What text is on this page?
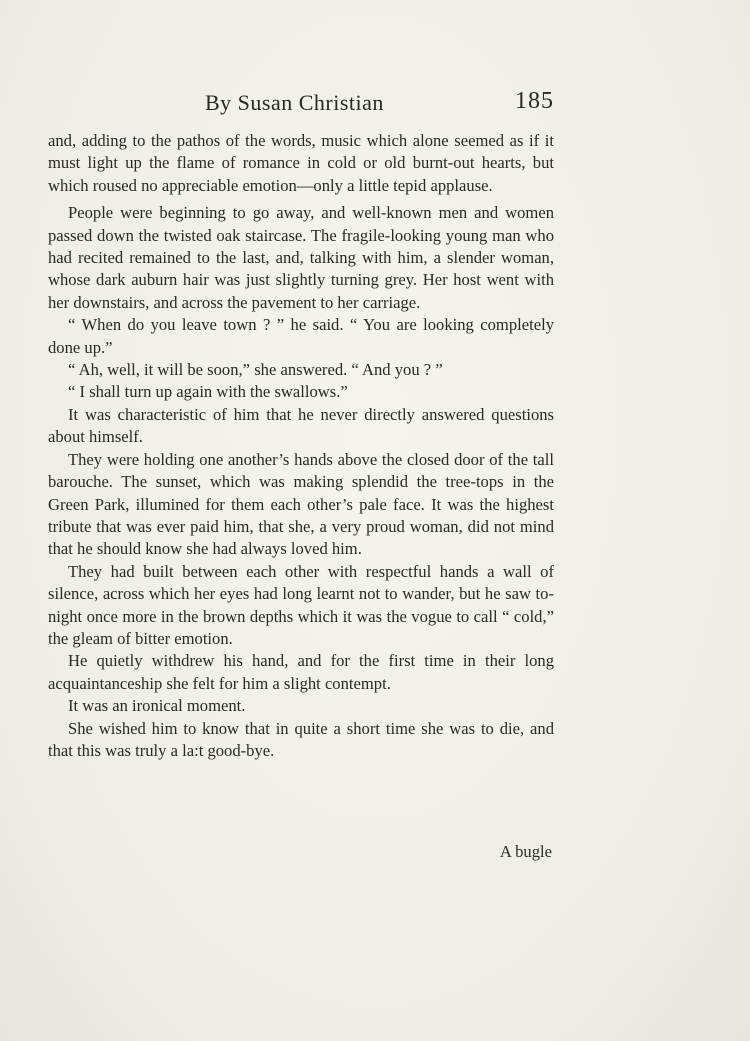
By Susan Christian	185

and, adding to the pathos of the words, music which alone seemed as if it must light up the flame of romance in cold or old burnt-out hearts, but which roused no appreciable emotion—only a little tepid applause.

People were beginning to go away, and well-known men and women passed down the twisted oak staircase. The fragile-looking young man who had recited remained to the last, and, talking with him, a slender woman, whose dark auburn hair was just slightly turning grey. Her host went with her downstairs, and across the pavement to her carriage.

“ When do you leave town ? ” he said. “ You are looking completely done up.”

“ Ah, well, it will be soon,” she answered. “ And you ? ”

“ I shall turn up again with the swallows.”

It was characteristic of him that he never directly answered questions about himself.

They were holding one another’s hands above the closed door of the tall barouche. The sunset, which was making splendid the tree-tops in the Green Park, illumined for them each other’s pale face. It was the highest tribute that was ever paid him, that she, a very proud woman, did not mind that he should know she had always loved him.

They had built between each other with respectful hands a wall of silence, across which her eyes had long learnt not to wander, but he saw to-night once more in the brown depths which it was the vogue to call “ cold,” the gleam of bitter emotion.

He quietly withdrew his hand, and for the first time in their long acquaintanceship she felt for him a slight contempt.

It was an ironical moment.

She wished him to know that in quite a short time she was to die, and that this was truly a la:t good-bye.

A bugle
